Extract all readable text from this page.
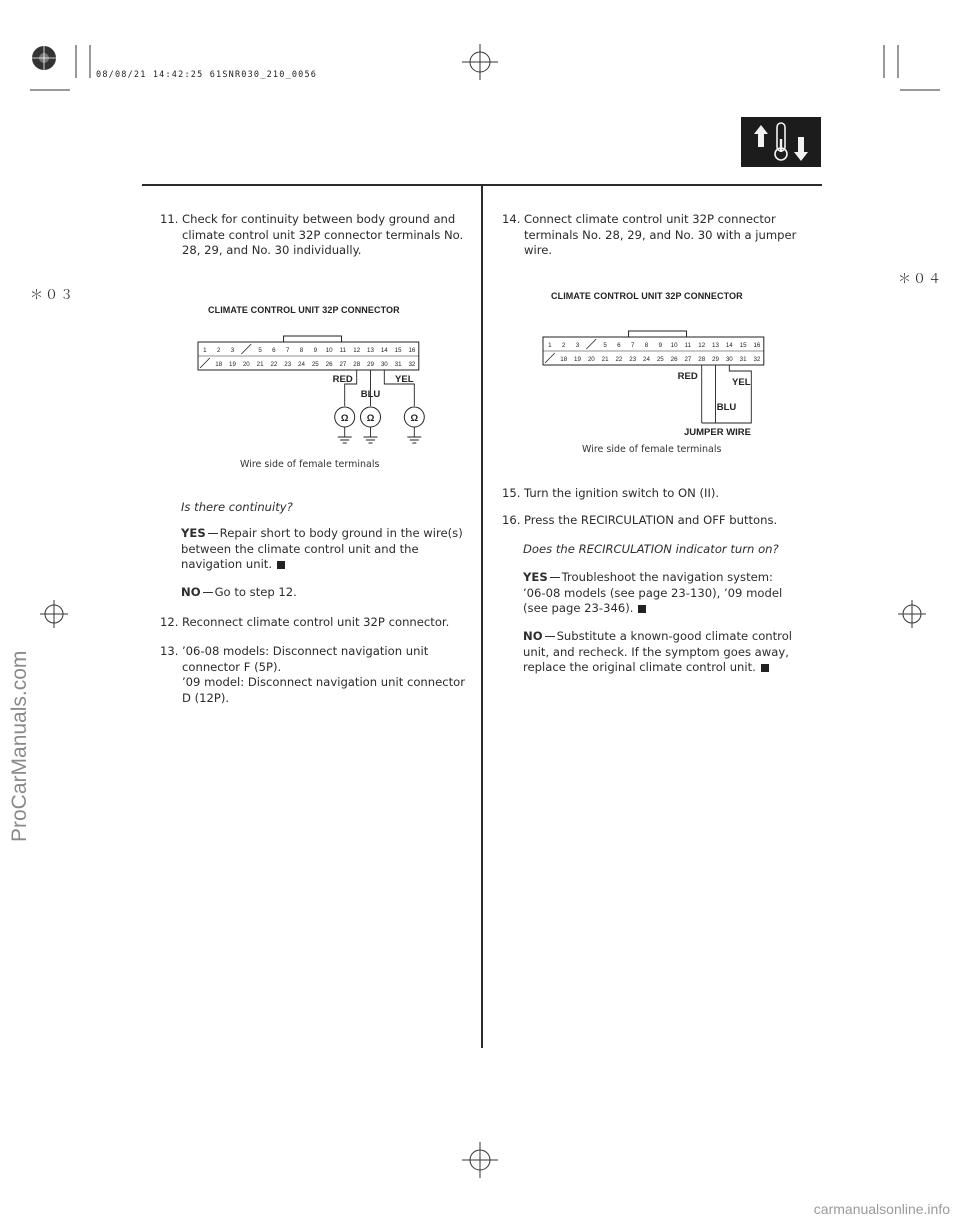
08/08/21 14:42:25 61SNR030_210_0056
＊０３
＊０４
ProCarManuals.com
11. Check for continuity between body ground and climate control unit 32P connector terminals No. 28, 29, and No. 30 individually.
CLIMATE CONTROL UNIT 32P CONNECTOR
1 2
18
3
19 20
5
21
6
22
7
23
8
24
9
25
10
26
11
27
12
28
13
29
14
30
15
31
16
32
Ω Ω	Ω
RED
BLU
YEL
Wire side of female terminals
Is there continuity?
YES Repair short to body ground in the wire(s) between the climate control unit and the navigation unit.
NO Go to step 12.
12. Reconnect climate control unit 32P connector.
13. ’06-08 models: Disconnect navigation unit connector F (5P).
’09 model: Disconnect navigation unit connector D (12P).
14. Connect climate control unit 32P connector terminals No. 28, 29, and No. 30 with a jumper wire.
CLIMATE CONTROL UNIT 32P CONNECTOR
1 2
18
3
19 20
5
21
6
22
7
23
8
24
9
25
10
26
11
27
12
28
13
29
14
30
15
31
16
32
RED
YEL
BLU
JUMPER WIRE
Wire side of female terminals
15. Turn the ignition switch to ON (II).
16. Press the RECIRCULATION and OFF buttons.
Does the RECIRCULATION indicator turn on?
YES Troubleshoot the navigation system: ’06-08 models (see page 23-130), ’09 model (see page 23-346).
NO Substitute a known-good climate control unit, and recheck. If the symptom goes away, replace the original climate control unit.
carmanualsonline.info
